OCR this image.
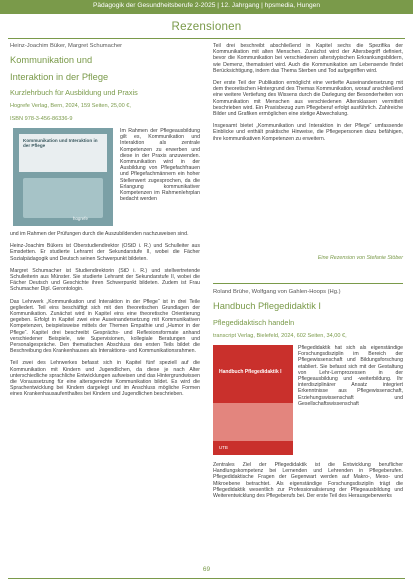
Pädagogik der Gesundheitsberufe 2-2025 | 12. Jahrgang | hpsmedia, Hungen
Rezensionen

Heinz-Joachim Büker, Margret Schumacher

Kommunikation und

Interaktion in der Pflege

Kurzlehrbuch für Ausbildung und Praxis

Hogrefe Verlag, Bern, 2024, 159 Seiten, 25,00 €,

ISBN 978-3-456-86336-9

Kommunikation und Interaktion in der Pflege
hogrefe
Im Rahmen der Pflegeausbildung gilt es, Kommunikation und Interaktion als zentrale Kompetenzen zu erwerben und diese in der Praxis anzuwenden. Kommunikation wird in der Ausbildung von Pflegefachfrauen und Pflegefachmännern ein hoher Stellenwert zugesprochen, da die Erlangung kommunikativer Kompetenzen im Rahmenlehrplan bedacht werden

und im Rahmen der Prüfungen durch die Auszubildenden nachzuweisen sind.

Heinz-Joachim Bükers ist Oberstudiendirektor (OStD i. R.) und Schulleiter aus Emsdetten. Er studierte Lehramt der Sekundarstufe II, wobei die Fächer Sozialpädagogik und Deutsch seinen Schwerpunkt bildeten.

Margret Schumacher ist Studiendirektorin (StD i. R.) und stellvertretende Schulleiterin aus Münster. Sie studierte Lehramt der Sekundarstufe II, wobei die Fächer Deutsch und Geschichte ihren Schwerpunkt bildeten. Zudem ist Frau Schumacher Dipl. Gerontologin.

Das Lehrwerk „Kommunikation und Interaktion in der Pflege“ ist in drei Teile gegliedert. Teil eins beschäftigt sich mit den theoretischen Grundlagen der Kommunikation. Zunächst wird in Kapitel eins eine theoretische Orientierung gegeben. Erfolgt in Kapitel zwei eine Auseinandersetzung mit Kommunikativen Kompetenzen, beispielsweise mittels der Themen Empathie und „Humor in der Pflege“. Kapitel drei beschreibt Gesprächs- und Reflexionsformate anhand verschiedener Beispiele, wie Supervisionen, kollegiale Beratungen und Personalgespräche. Den thematischen Abschluss des ersten Teils bildet die Beschreibung des Krankenhauses als Interaktions- und Kommunikationsrahmen.

Teil zwei des Lehrwerkes befasst sich in Kapitel fünf speziell auf die Kommunikation mit Kindern und Jugendlichen, da diese je nach Alter unterschiedliche sprachliche Entwicklungen aufweisen und das Hintergrundwissen die Voraussetzung für eine altersgerechte Kommunikation bildet. Es wird die Sprachentwicklung bei Kindern dargelegt und im Anschluss mögliche Formen eines Krankenhausaufenthaltes bei Kindern und Jugendlichen beschrieben.

Teil drei beschreibt abschließend in Kapitel sechs die Spezifika der Kommunikation mit alten Menschen. Zunächst wird der Altersbegriff definiert, bevor die Kommunikation bei verschiedenen alterstypischen Erkrankungsbildern, wie Demenz, thematisiert wird. Auch die Kommunikation am Lebensende findet Berücksichtigung, indem das Thema Sterben und Tod aufgegriffen wird.

Der erste Teil der Publikation ermöglicht eine vertiefte Auseinandersetzung mit dem theoretischen Hintergrund des Themas Kommunikation, worauf anschließend eine weitere Vertiefung des Wissens durch die Darlegung der Besonderheiten von Kommunikation mit Menschen aus verschiedenen Altersklassen vermittelt beschrieben wird. Ein Praxisbezug zum Pflegeberuf erfolgt ausführlich. Zahlreiche Bilder und Grafiken ermöglichen eine stetige Abwechslung.

Insgesamt bietet „Kommunikation und Interaktion in der Pflege“ umfassende Einblicke und enthält praktische Hinweise, die Pflegepersonen dazu befähigen, ihre kommunikativen Kompetenzen zu erweitern.

Eine Rezension von Stefanie Stöber

Roland Brühe, Wolfgang von Gahlen-Hoops (Hg.)

Handbuch Pflegedidaktik I

Pflegedidaktisch handeln

transcript Verlag, Bielefeld, 2024, 602 Seiten, 34,00 €,

Handbuch Pflegedidaktik I
UTB
Pflegedidaktik hat sich als eigenständige Forschungsdisziplin im Bereich der Pflegewissenschaft und Bildungsforschung etabliert. Sie befasst sich mit der Gestaltung von Lehr-Lernprozessen in der Pflegeausbildung und -weiterbildung. Ihr interdisziplinärer Ansatz integriert Erkenntnisse aus Pflegewissenschaft, Erziehungswissenschaft und Gesellschaftswissenschaft

Zentrales Ziel der Pflegedidaktik ist die Entwicklung beruflicher Handlungskompetenz bei Lernenden und Lehrenden in Pflegeberufen. Pflegedidaktische Fragen der Gegenwart werden auf Makro-, Meso- und Mikroebene betrachtet. Als eigenständige Forschungsdisziplin trägt die Pflegedidaktik wesentlich zur Professionalisierung der Pflegeausbildung und Weiterentwicklung des Pflegeberufs bei. Der erste Teil des Herausgeberwerks

69
